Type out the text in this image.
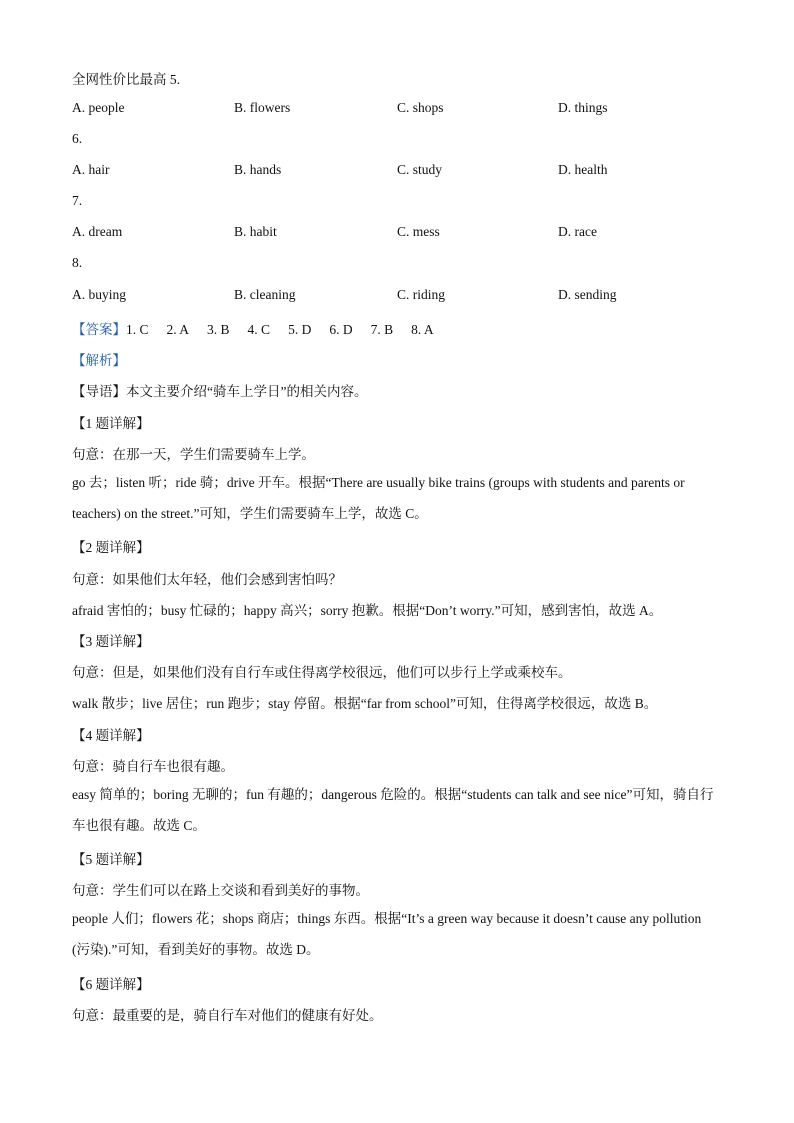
全网性价比最高 5.
A. people	B. flowers	C. shops	D. things
6.
A. hair	B. hands	C. study	D. health
7.
A. dream	B. habit	C. mess	D. race
8.
A. buying	B. cleaning	C. riding	D. sending
【答案】1. C 2. A 3. B 4. C 5. D 6. D 7. B 8. A
【解析】
【导语】本文主要介绍“骑车上学日”的相关内容。
【1 题详解】
句意：在那一天，学生们需要骑车上学。
go 去；listen 听；ride 骑；drive 开车。根据“There are usually bike trains (groups with students and parents or teachers) on the street.”可知，学生们需要骑车上学，故选 C。
【2 题详解】
句意：如果他们太年轻，他们会感到害怕吗？
afraid 害怕的；busy 忙碌的；happy 高兴；sorry 抱歉。根据“Don’t worry.”可知，感到害怕，故选 A。
【3 题详解】
句意：但是，如果他们没有自行车或住得离学校很远，他们可以步行上学或乘校车。
walk 散步；live 居住；run 跑步；stay 停留。根据“far from school”可知，住得离学校很远，故选 B。
【4 题详解】
句意：骑自行车也很有趣。
easy 简单的；boring 无聊的；fun 有趣的；dangerous 危险的。根据“students can talk and see nice”可知，骑自行车也很有趣。故选 C。
【5 题详解】
句意：学生们可以在路上交谈和看到美好的事物。
people 人们；flowers 花；shops 商店；things 东西。根据“It’s a green way because it doesn’t cause any pollution (污染).”可知，看到美好的事物。故选 D。
【6 题详解】
句意：最重要的是，骑自行车对他们的健康有好处。
